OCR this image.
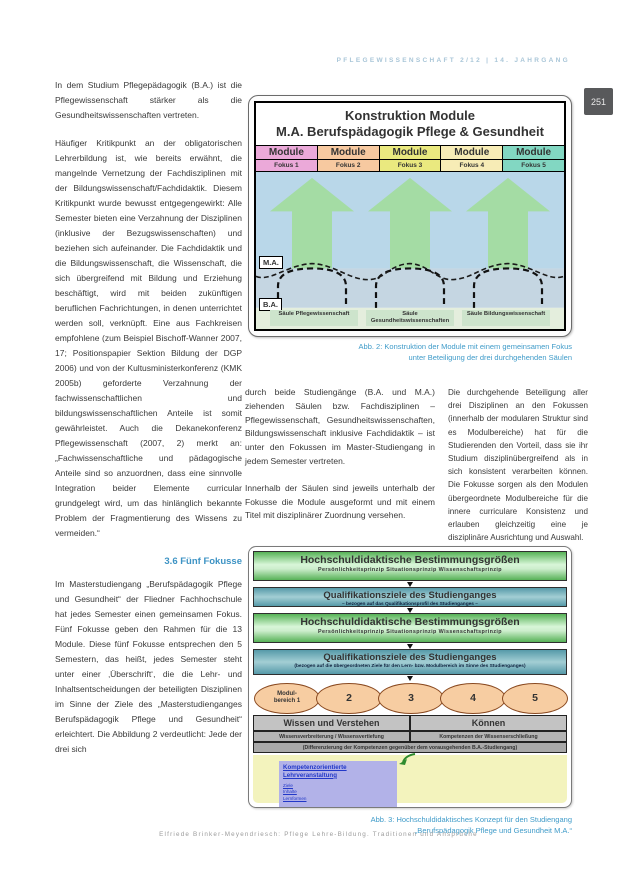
PFLEGEWISSENSCHAFT 2/12 | 14. JAHRGANG
251

In dem Studium Pflegepädagogik (B.A.) ist die Pflegewissenschaft stärker als die Gesundheitswissenschaften vertreten.

Häufiger Kritikpunkt an der obligatorischen Lehrerbildung ist, wie bereits erwähnt, die mangelnde Vernetzung der Fachdisziplinen mit der Bildungswissenschaft/Fachdidaktik. Diesem Kritikpunkt wurde bewusst entgegengewirkt: Alle Semester bieten eine Verzahnung der Disziplinen (inklusive der Bezugswissenschaften) und beziehen sich aufeinander. Die Fachdidaktik und die Bildungswissenschaft, die Wissenschaft, die sich übergreifend mit Bildung und Erziehung beschäftigt, wird mit beiden zukünftigen beruflichen Fachrichtungen, in denen unterrichtet werden soll, verknüpft. Eine aus Fachkreisen empfohlene (zum Beispiel Bischoff-Wanner 2007, 17; Positionspapier Sektion Bildung der DGP 2006) und von der Kultusministerkonferenz (KMK 2005b) geforderte Verzahnung der fachwissenschaftlichen und bildungswissenschaftlichen Anteile ist somit gewährleistet. Auch die Dekanekonferenz Pflegewissenschaft (2007, 2) merkt an: „Fachwissenschaftliche und pädagogische Anteile sind so anzuordnen, dass eine sinnvolle Integration beider Elemente curricular grundgelegt wird, um das hinlänglich bekannte Problem der Fragmentierung des Wissens zu vermeiden.“

3.6 Fünf Fokusse

Im Masterstudiengang „Berufspädagogik Pflege und Gesundheit“ der Fliedner Fachhochschule hat jedes Semester einen gemeinsamen Fokus. Fünf Fokusse geben den Rahmen für die 13 Module. Diese fünf Fokusse entsprechen den 5 Semestern, das heißt, jedes Semester steht unter einer ‚Überschrift‘, die die Lehr- und Inhaltsentscheidungen der beteiligten Disziplinen im Sinne der Ziele des „Masterstudienganges Berufspädagogik Pflege und Gesundheit“ erleichtert. Die Abbildung 2 verdeutlicht: Jede der drei sich

Konstruktion Module
M.A. Berufspädagogik Pflege & Gesundheit
Module
Fokus 1
Module
Fokus 2
Module
Fokus 3
Module
Fokus 4
Module
Fokus 5
M.A.
B.A.
Säule Pflegewissenschaft	Säule Gesundheitswissenschaften
Säule Bildungswissenschaft
Abb. 2: Konstruktion der Module mit einem gemeinsamen Fokus
unter Beteiligung der drei durchgehenden Säulen

durch beide Studiengänge (B.A. und M.A.) ziehenden Säulen bzw. Fachdisziplinen – Pflegewissenschaft, Gesundheitswissenschaften, Bildungswissenschaft inklusive Fachdidaktik – ist unter den Fokussen im Master-Studiengang in jedem Semester vertreten.

Innerhalb der Säulen sind jeweils unterhalb der Fokusse die Module ausgeformt und mit einem Titel mit disziplinärer Zuordnung versehen.

Die durchgehende Beteiligung aller drei Disziplinen an den Fokussen (innerhalb der modularen Struktur sind es Modulbereiche) hat für die Studierenden den Vorteil, dass sie ihr Studium disziplinübergreifend als in sich konsistent verarbeiten können. Die Fokusse sorgen als den Modulen übergeordnete Modulbereiche für die innere curriculare Konsistenz und erlauben gleichzeitig eine je disziplinäre Ausrichtung und Auswahl.

Hochschuldidaktische Bestimmungsgrößen
Persönlichkeitsprinzip Situationsprinzip Wissenschaftsprinzip
Qualifikationsziele des Studienganges
– bezogen auf das Qualifikationsprofil des Studienganges –
Hochschuldidaktische Bestimmungsgrößen
Persönlichkeitsprinzip Situationsprinzip Wissenschaftsprinzip
Qualifikationsziele des Studienganges
(bezogen auf die übergeordneten Ziele für den Lern- bzw. Modulbereich im Sinne des Studienganges)
Modul-
bereich 1	2	3	4	5
Wissen und Verstehen	Können
Wissensverbreiterung / Wissensvertiefung	Kompetenzen der Wissenserschließung
(Differenzierung der Kompetenzen gegenüber dem vorausgehenden B.A.-Studiengang)
Kompetenzorientierte Lehrveranstaltung
Ziele
Inhalte
Lernformen
Abb. 3: Hochschuldidaktisches Konzept für den Studiengang
„Berufspädagogik Pflege und Gesundheit M.A.“
Elfriede Brinker-Meyendriesch: Pflege Lehre-Bildung. Traditionen und Ansprüche
